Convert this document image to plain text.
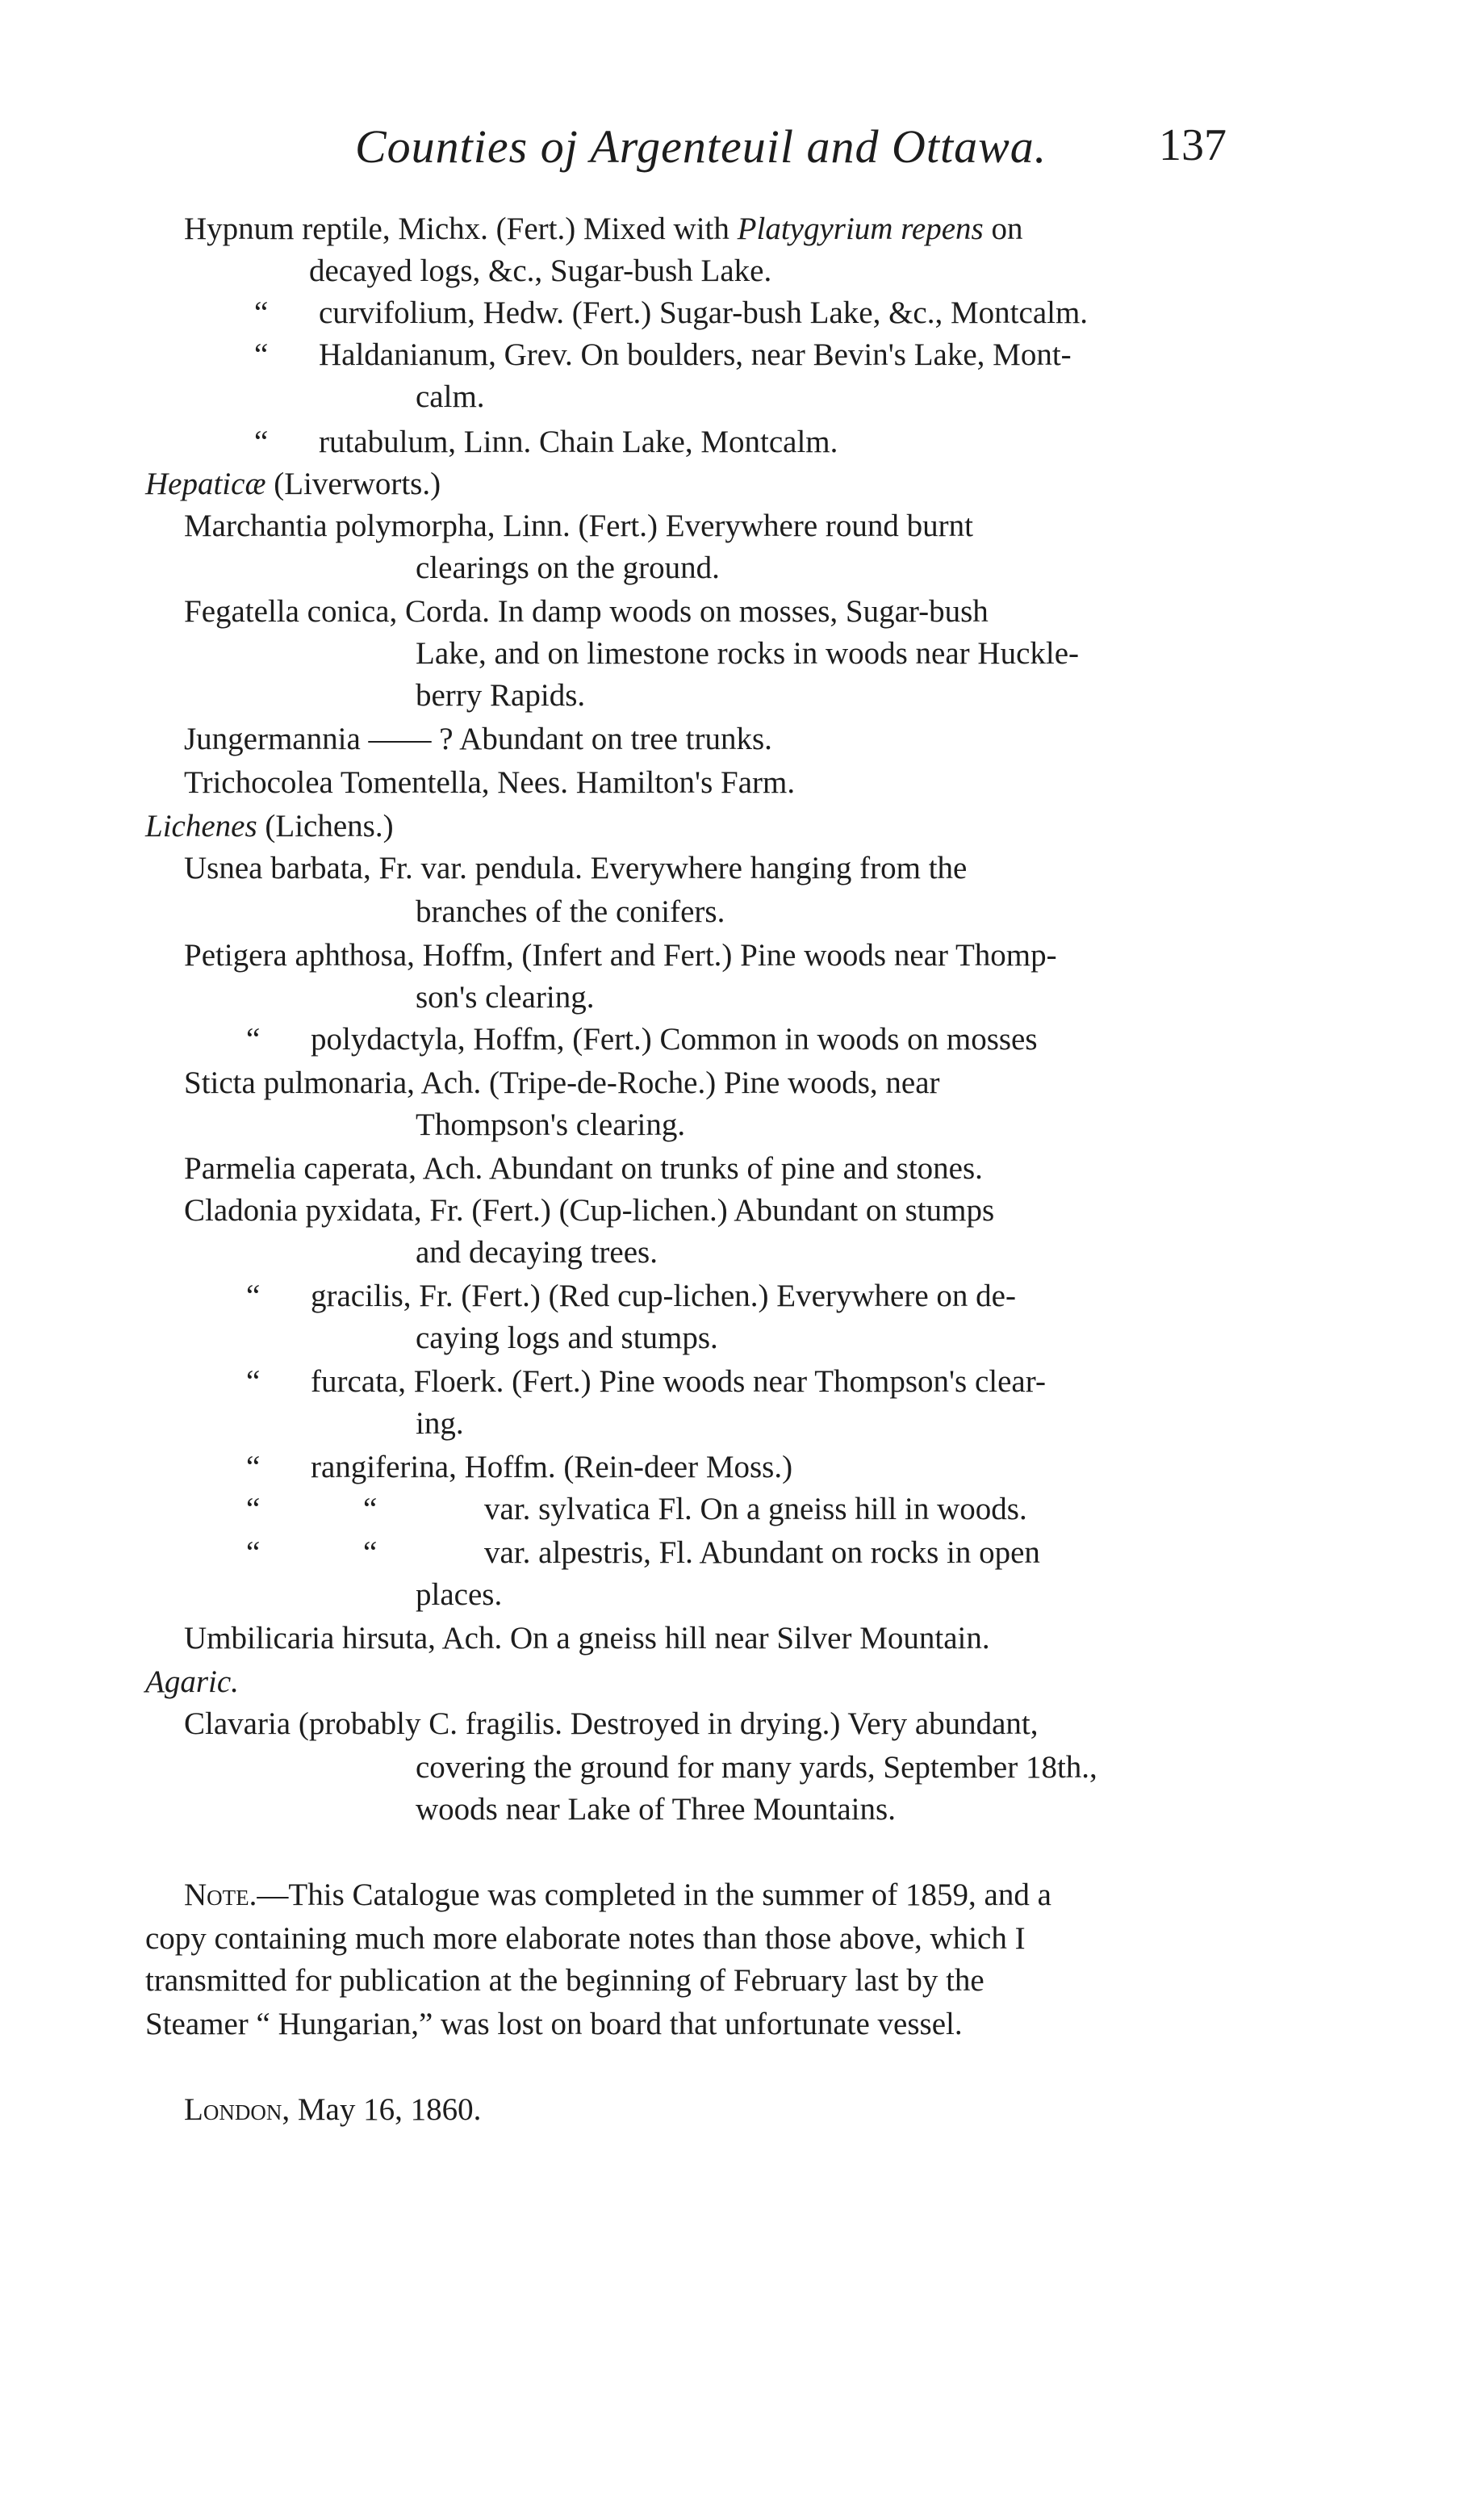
Counties oj Argenteuil and Ottawa. 137
Hypnum reptile, Michx. (Fert.) Mixed with Platygyrium repens on
decayed logs, &c., Sugar-bush Lake.
“ curvifolium, Hedw. (Fert.) Sugar-bush Lake, &c., Montcalm.
“ Haldanianum, Grev. On boulders, near Bevin's Lake, Mont-
calm.
“ rutabulum, Linn. Chain Lake, Montcalm.
Hepaticæ (Liverworts.)
Marchantia polymorpha, Linn. (Fert.) Everywhere round burnt
clearings on the ground.
Fegatella conica, Corda. In damp woods on mosses, Sugar-bush
Lake, and on limestone rocks in woods near Huckle-
berry Rapids.
Jungermannia —— ? Abundant on tree trunks.
Trichocolea Tomentella, Nees. Hamilton's Farm.
Lichenes (Lichens.)
Usnea barbata, Fr. var. pendula. Everywhere hanging from the
branches of the conifers.
Petigera aphthosa, Hoffm, (Infert and Fert.) Pine woods near Thomp-
son's clearing.
“ polydactyla, Hoffm, (Fert.) Common in woods on mosses
Sticta pulmonaria, Ach. (Tripe-de-Roche.) Pine woods, near
Thompson's clearing.
Parmelia caperata, Ach. Abundant on trunks of pine and stones.
Cladonia pyxidata, Fr. (Fert.) (Cup-lichen.) Abundant on stumps
and decaying trees.
“ gracilis, Fr. (Fert.) (Red cup-lichen.) Everywhere on de-
caying logs and stumps.
“ furcata, Floerk. (Fert.) Pine woods near Thompson's clear-
ing.
“ rangiferina, Hoffm. (Rein-deer Moss.)
“	“	var. sylvatica Fl. On a gneiss hill in woods.
“	“	var. alpestris, Fl. Abundant on rocks in open
places.
Umbilicaria hirsuta, Ach. On a gneiss hill near Silver Mountain.
Agaric.
Clavaria (probably C. fragilis. Destroyed in drying.) Very abundant,
covering the ground for many yards, September 18th.,
woods near Lake of Three Mountains.
Note.—This Catalogue was completed in the summer of 1859, and a
copy containing much more elaborate notes than those above, which I
transmitted for publication at the beginning of February last by the
Steamer “ Hungarian,” was lost on board that unfortunate vessel.
London, May 16, 1860.
